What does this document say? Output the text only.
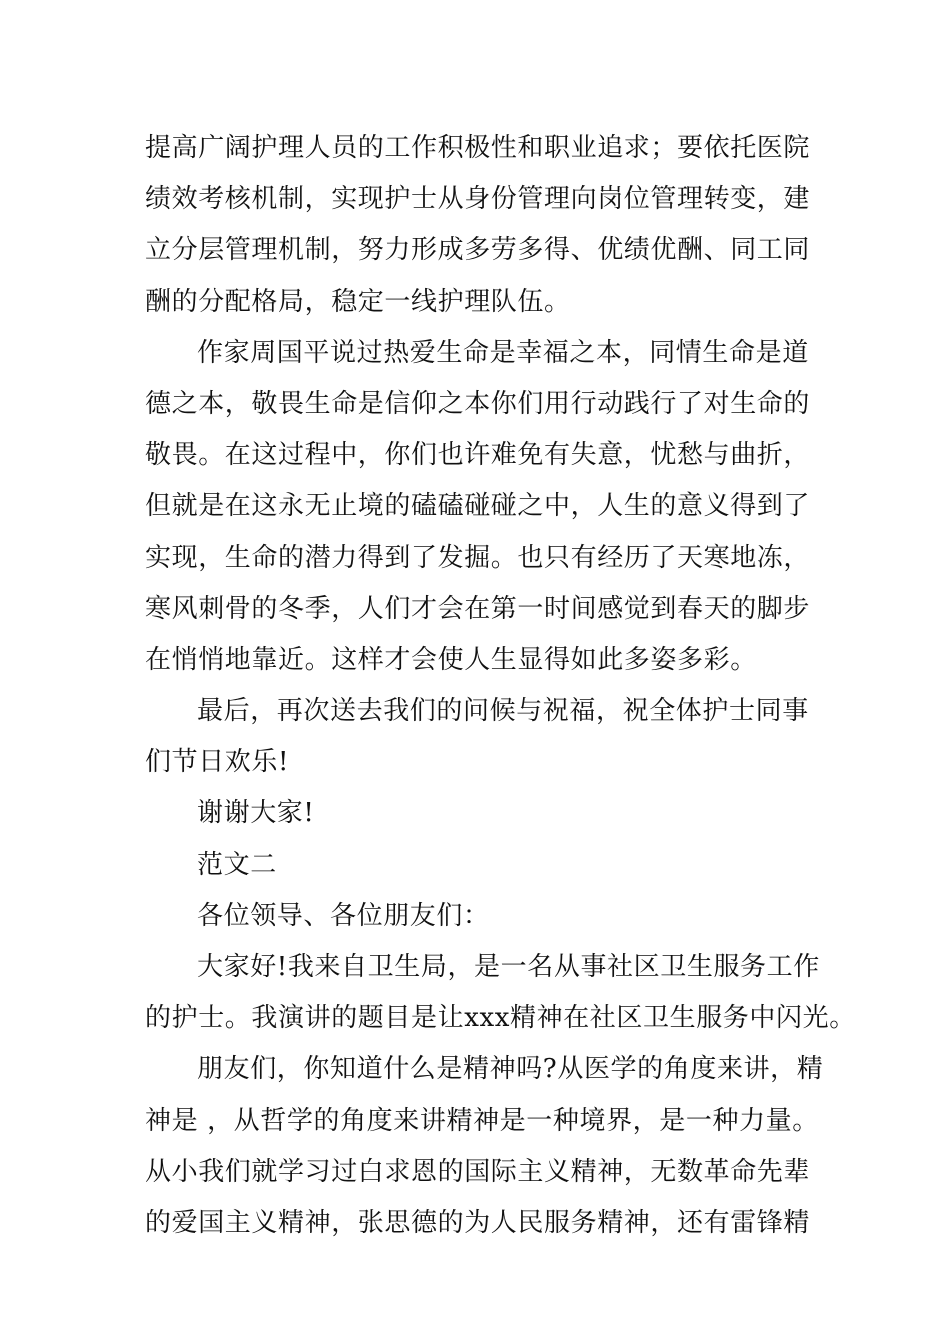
提高广阔护理人员的工作积极性和职业追求；要依托医院
绩效考核机制，实现护士从身份管理向岗位管理转变，建
立分层管理机制，努力形成多劳多得、优绩优酬、同工同
酬的分配格局，稳定一线护理队伍。
作家周国平说过热爱生命是幸福之本，同情生命是道
德之本，敬畏生命是信仰之本你们用行动践行了对生命的
敬畏。在这过程中，你们也许难免有失意，忧愁与曲折，
但就是在这永无止境的磕磕碰碰之中，人生的意义得到了
实现，生命的潜力得到了发掘。也只有经历了天寒地冻，
寒风刺骨的冬季，人们才会在第一时间感觉到春天的脚步
在悄悄地靠近。这样才会使人生显得如此多姿多彩。
最后，再次送去我们的问候与祝福，祝全体护士同事
们节日欢乐!
谢谢大家!
范文二
各位领导、各位朋友们：
大家好!我来自卫生局，是一名从事社区卫生服务工作
的护士。我演讲的题目是让xxx精神在社区卫生服务中闪光。
朋友们，你知道什么是精神吗?从医学的角度来讲，精
神是 ，从哲学的角度来讲精神是一种境界，是一种力量。
从小我们就学习过白求恩的国际主义精神，无数革命先辈
的爱国主义精神，张思德的为人民服务精神，还有雷锋精
